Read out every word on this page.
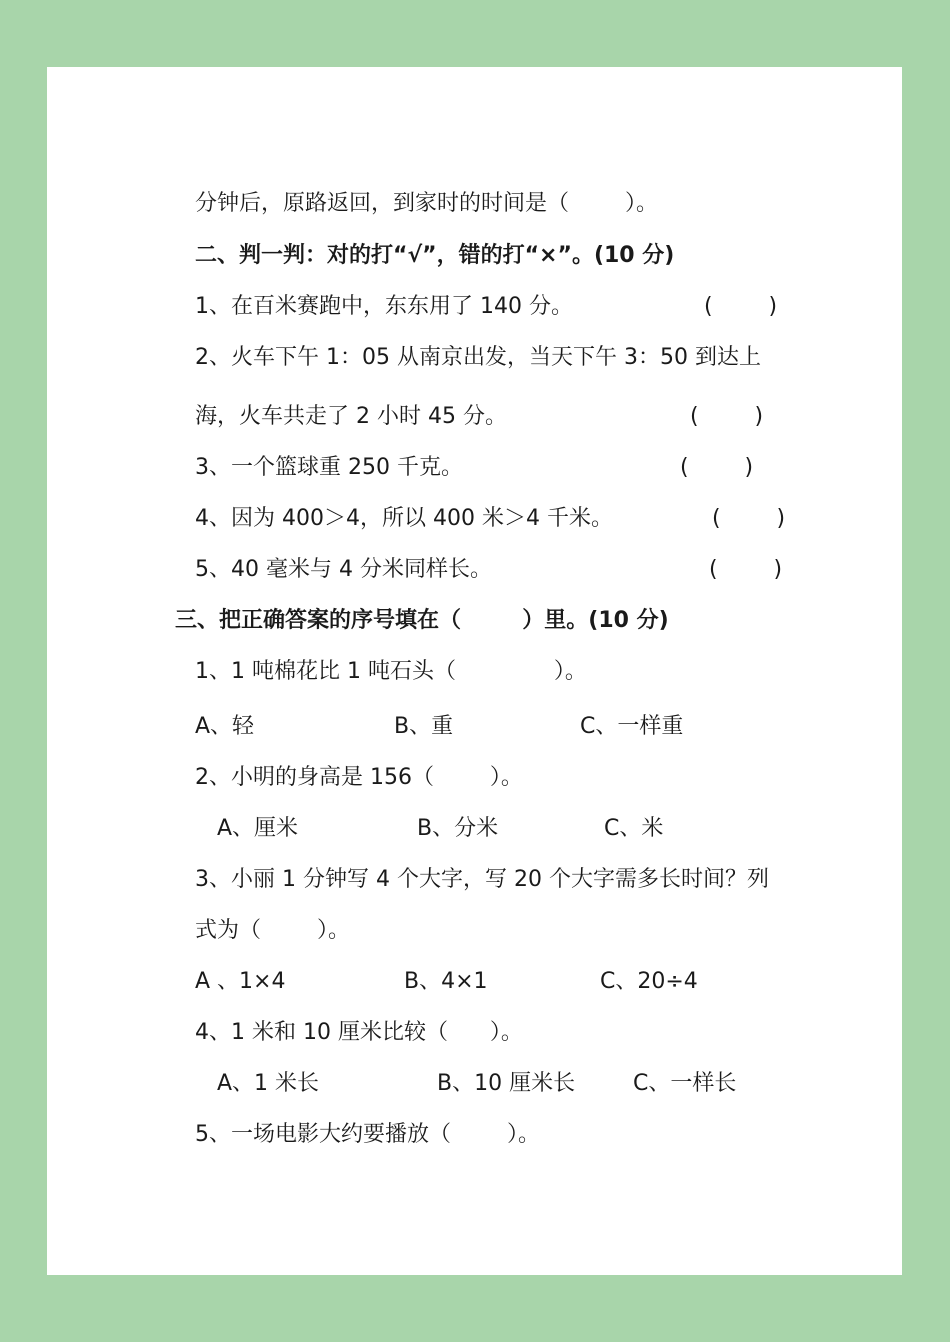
分钟后，原路返回，到家时的时间是（        ）。
二、判一判：对的打“√”，错的打“×”。(10 分)
1、在百米赛跑中，东东用了 140 分。	(        )
2、火车下午 1：05 从南京出发，当天下午 3：50 到达上
海，火车共走了 2 小时 45 分。	(        )
3、一个篮球重 250 千克。	(        )
4、因为 400＞4，所以 400 米＞4 千米。	(        )
5、40 毫米与 4 分米同样长。	(        )
三、把正确答案的序号填在（        ）里。(10 分)
1、1 吨棉花比 1 吨石头（              ）。
A、轻	B、重	C、一样重
2、小明的身高是 156（        ）。
A、厘米	B、分米	C、米
3、小丽 1 分钟写 4 个大字，写 20 个大字需多长时间？列
式为（        ）。
A 、1×4	B、4×1	C、20÷4
4、1 米和 10 厘米比较（      ）。
A、1 米长	B、10 厘米长	C、一样长
5、一场电影大约要播放（        ）。
